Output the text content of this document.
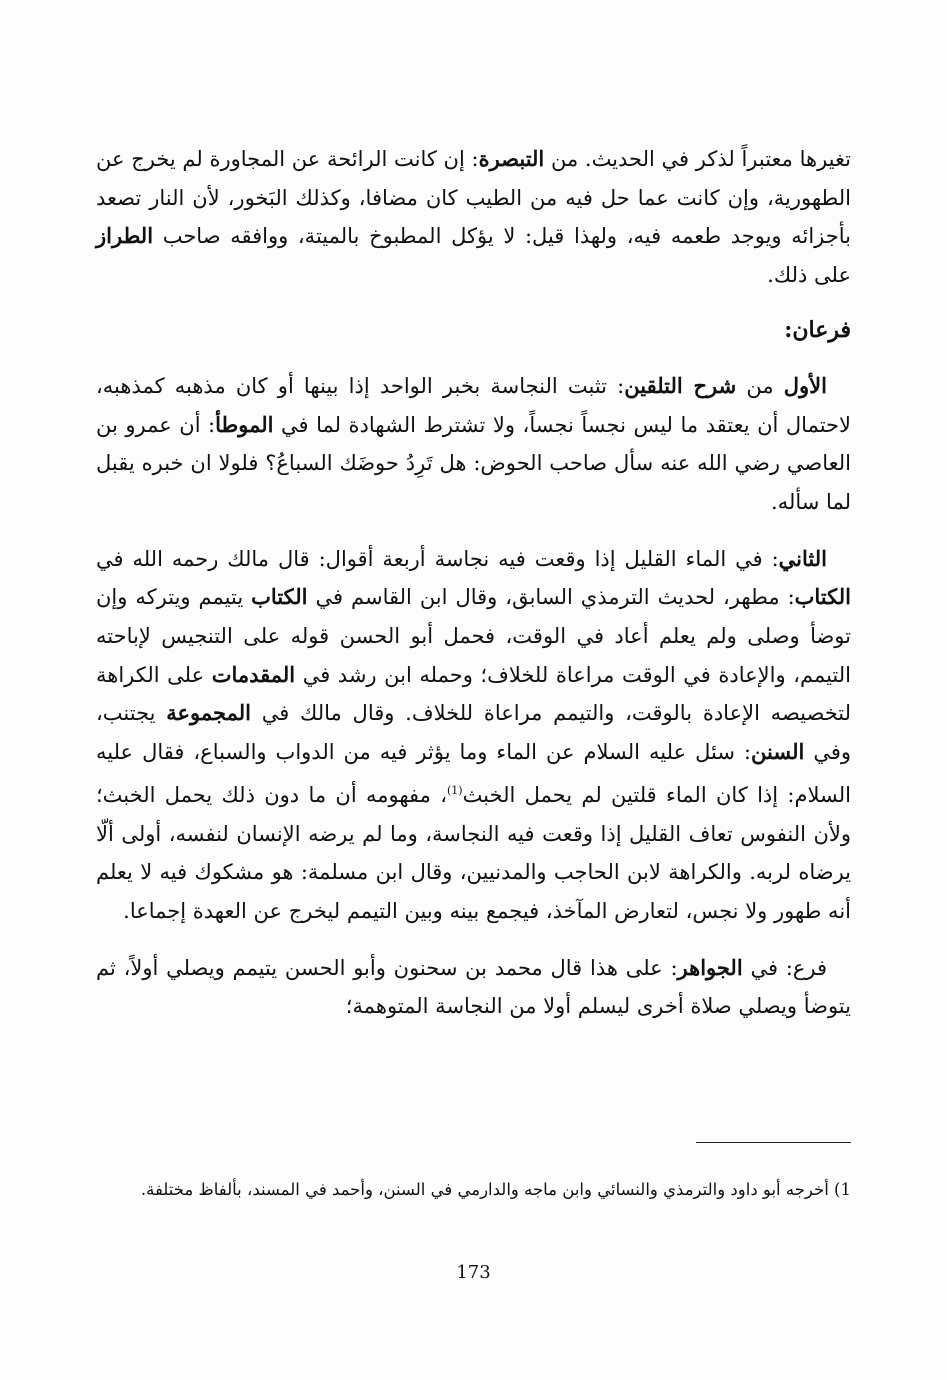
تغيرها معتبراً لذكر في الحديث. من التبصرة: إن كانت الرائحة عن المجاورة لم يخرج عن الطهورية، وإن كانت عما حل فيه من الطيب كان مضافا، وكذلك البَخور، لأن النار تصعد بأجزائه ويوجد طعمه فيه، ولهذا قيل: لا يؤكل المطبوخ بالميتة، ووافقه صاحب الطراز على ذلك.

فرعان:

الأول من شرح التلقين: تثبت النجاسة بخبر الواحد إذا بينها أو كان مذهبه كمذهبه، لاحتمال أن يعتقد ما ليس نجساً نجساً، ولا تشترط الشهادة لما في الموطأ: أن عمرو بن العاصي رضي الله عنه سأل صاحب الحوض: هل تَرِدُ حوضَك السباعُ؟ فلولا ان خبره يقبل لما سأله.

الثاني: في الماء القليل إذا وقعت فيه نجاسة أربعة أقوال: قال مالك رحمه الله في الكتاب: مطهر، لحديث الترمذي السابق، وقال ابن القاسم في الكتاب يتيمم ويتركه وإن توضأ وصلى ولم يعلم أعاد في الوقت، فحمل أبو الحسن قوله على التنجيس لإباحته التيمم، والإعادة في الوقت مراعاة للخلاف؛ وحمله ابن رشد في المقدمات على الكراهة لتخصيصه الإعادة بالوقت، والتيمم مراعاة للخلاف. وقال مالك في المجموعة يجتنب، وفي السنن: سئل عليه السلام عن الماء وما يؤثر فيه من الدواب والسباع، فقال عليه السلام: إذا كان الماء قلتين لم يحمل الخبث$^{(1)}$، مفهومه أن ما دون ذلك يحمل الخبث؛ ولأن النفوس تعاف القليل إذا وقعت فيه النجاسة، وما لم يرضه الإنسان لنفسه، أولى ألّا يرضاه لربه. والكراهة لابن الحاجب والمدنيين، وقال ابن مسلمة: هو مشكوك فيه لا يعلم أنه طهور ولا نجس، لتعارض المآخذ، فيجمع بينه وبين التيمم ليخرج عن العهدة إجماعا.

فرع: في الجواهر: على هذا قال محمد بن سحنون وأبو الحسن يتيمم ويصلي أولاً، ثم يتوضأ ويصلي صلاة أخرى ليسلم أولا من النجاسة المتوهمة؛

1) أخرجه أبو داود والترمذي والنسائي وابن ماجه والدارمي في السنن، وأحمد في المسند، بألفاظ مختلفة.

173
